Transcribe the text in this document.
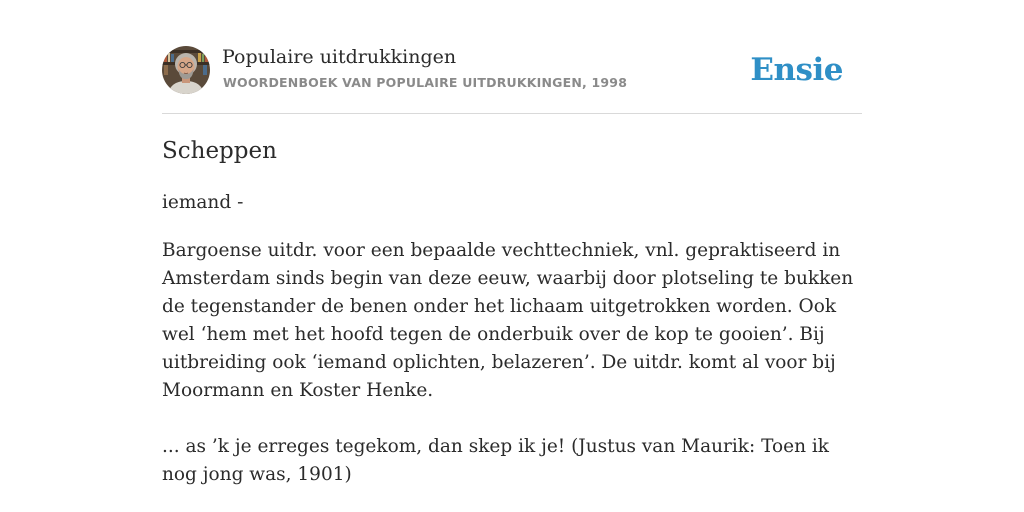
Populaire uitdrukkingen
WOORDENBOEK VAN POPULAIRE UITDRUKKINGEN, 1998	Ensie
Scheppen

iemand -

Bargoense uitdr. voor een bepaalde vechttechniek, vnl. gepraktiseerd in Amsterdam sinds begin van deze eeuw, waarbij door plotseling te bukken de tegenstander de benen onder het lichaam uitgetrokken worden. Ook wel ‘hem met het hoofd tegen de onderbuik over de kop te gooien’. Bij uitbreiding ook ‘iemand oplichten, belazeren’. De uitdr. komt al voor bij Moormann en Koster Henke.

... as ’k je erreges tegekom, dan skep ik je! (Justus van Maurik: Toen ik nog jong was, 1901)
